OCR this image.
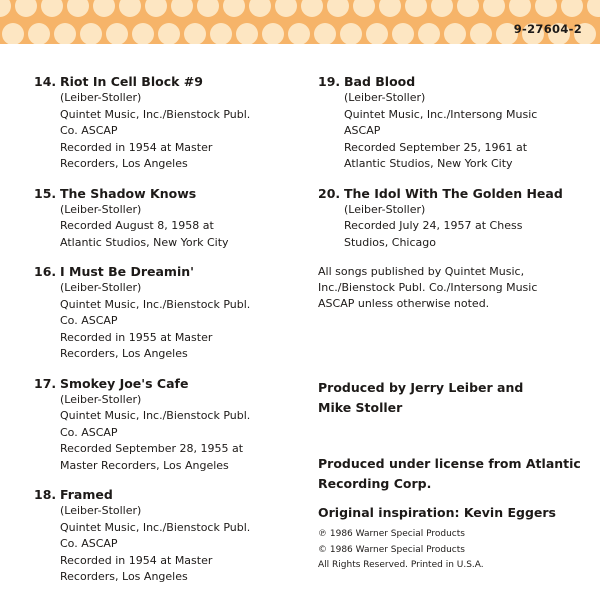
9-27604-2
14. Riot In Cell Block #9
(Leiber-Stoller)
Quintet Music, Inc./Bienstock Publ.
Co. ASCAP
Recorded in 1954 at Master
Recorders, Los Angeles
15. The Shadow Knows
(Leiber-Stoller)
Recorded August 8, 1958 at
Atlantic Studios, New York City
16. I Must Be Dreamin'
(Leiber-Stoller)
Quintet Music, Inc./Bienstock Publ.
Co. ASCAP
Recorded in 1955 at Master
Recorders, Los Angeles
17. Smokey Joe's Cafe
(Leiber-Stoller)
Quintet Music, Inc./Bienstock Publ.
Co. ASCAP
Recorded September 28, 1955 at
Master Recorders, Los Angeles
18. Framed
(Leiber-Stoller)
Quintet Music, Inc./Bienstock Publ.
Co. ASCAP
Recorded in 1954 at Master
Recorders, Los Angeles
19. Bad Blood
(Leiber-Stoller)
Quintet Music, Inc./Intersong Music
ASCAP
Recorded September 25, 1961 at
Atlantic Studios, New York City
20. The Idol With The Golden Head
(Leiber-Stoller)
Recorded July 24, 1957 at Chess
Studios, Chicago
All songs published by Quintet Music,
Inc./Bienstock Publ. Co./Intersong Music
ASCAP unless otherwise noted.
Produced by Jerry Leiber and
Mike Stoller
Produced under license from Atlantic
Recording Corp.
Original inspiration: Kevin Eggers
℗ 1986 Warner Special Products
© 1986 Warner Special Products
All Rights Reserved. Printed in U.S.A.
